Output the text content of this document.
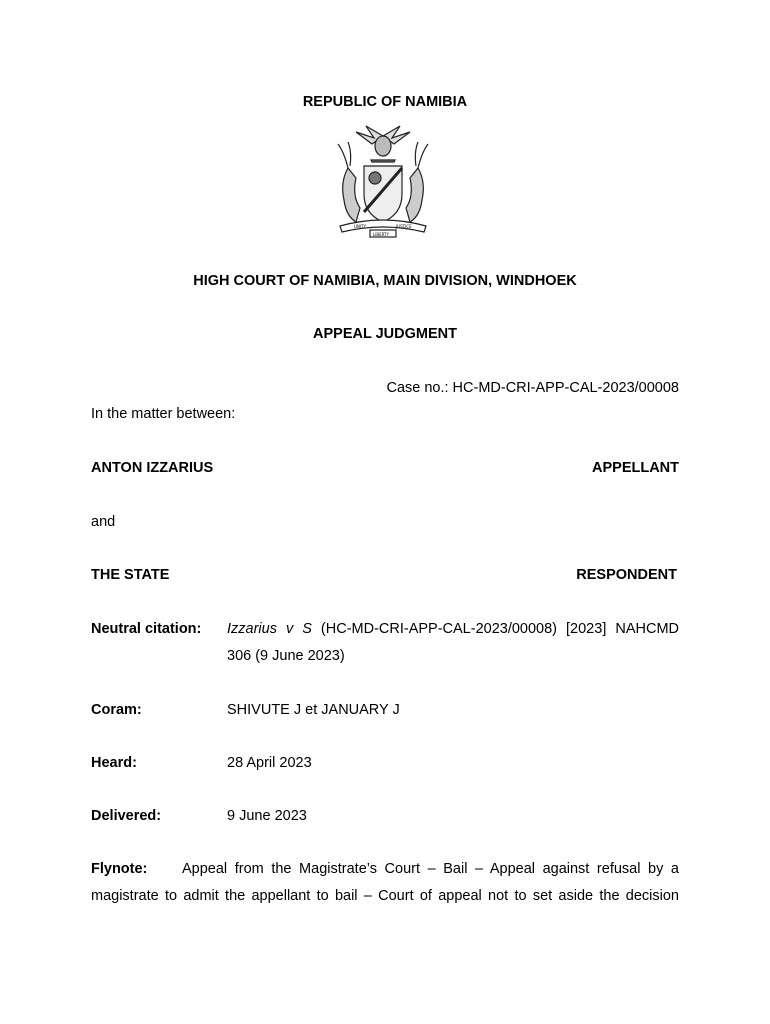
REPUBLIC OF NAMIBIA
UNITY	JUSTICE
LIBERTY
HIGH COURT OF NAMIBIA, MAIN DIVISION, WINDHOEK
APPEAL JUDGMENT
Case no.: HC-MD-CRI-APP-CAL-2023/00008
In the matter between:
ANTON IZZARIUS	APPELLANT
and
THE STATE	RESPONDENT
Neutral citation: Izzarius v S (HC-MD-CRI-APP-CAL-2023/00008) [2023] NAHCMD
306 (9 June 2023)
Coram:	SHIVUTE J et JANUARY J
Heard:	28 April 2023
Delivered:	9 June 2023
Flynote: Appeal from the Magistrate’s Court – Bail – Appeal against refusal by a
magistrate to admit the appellant to bail – Court of appeal not to set aside the decision
